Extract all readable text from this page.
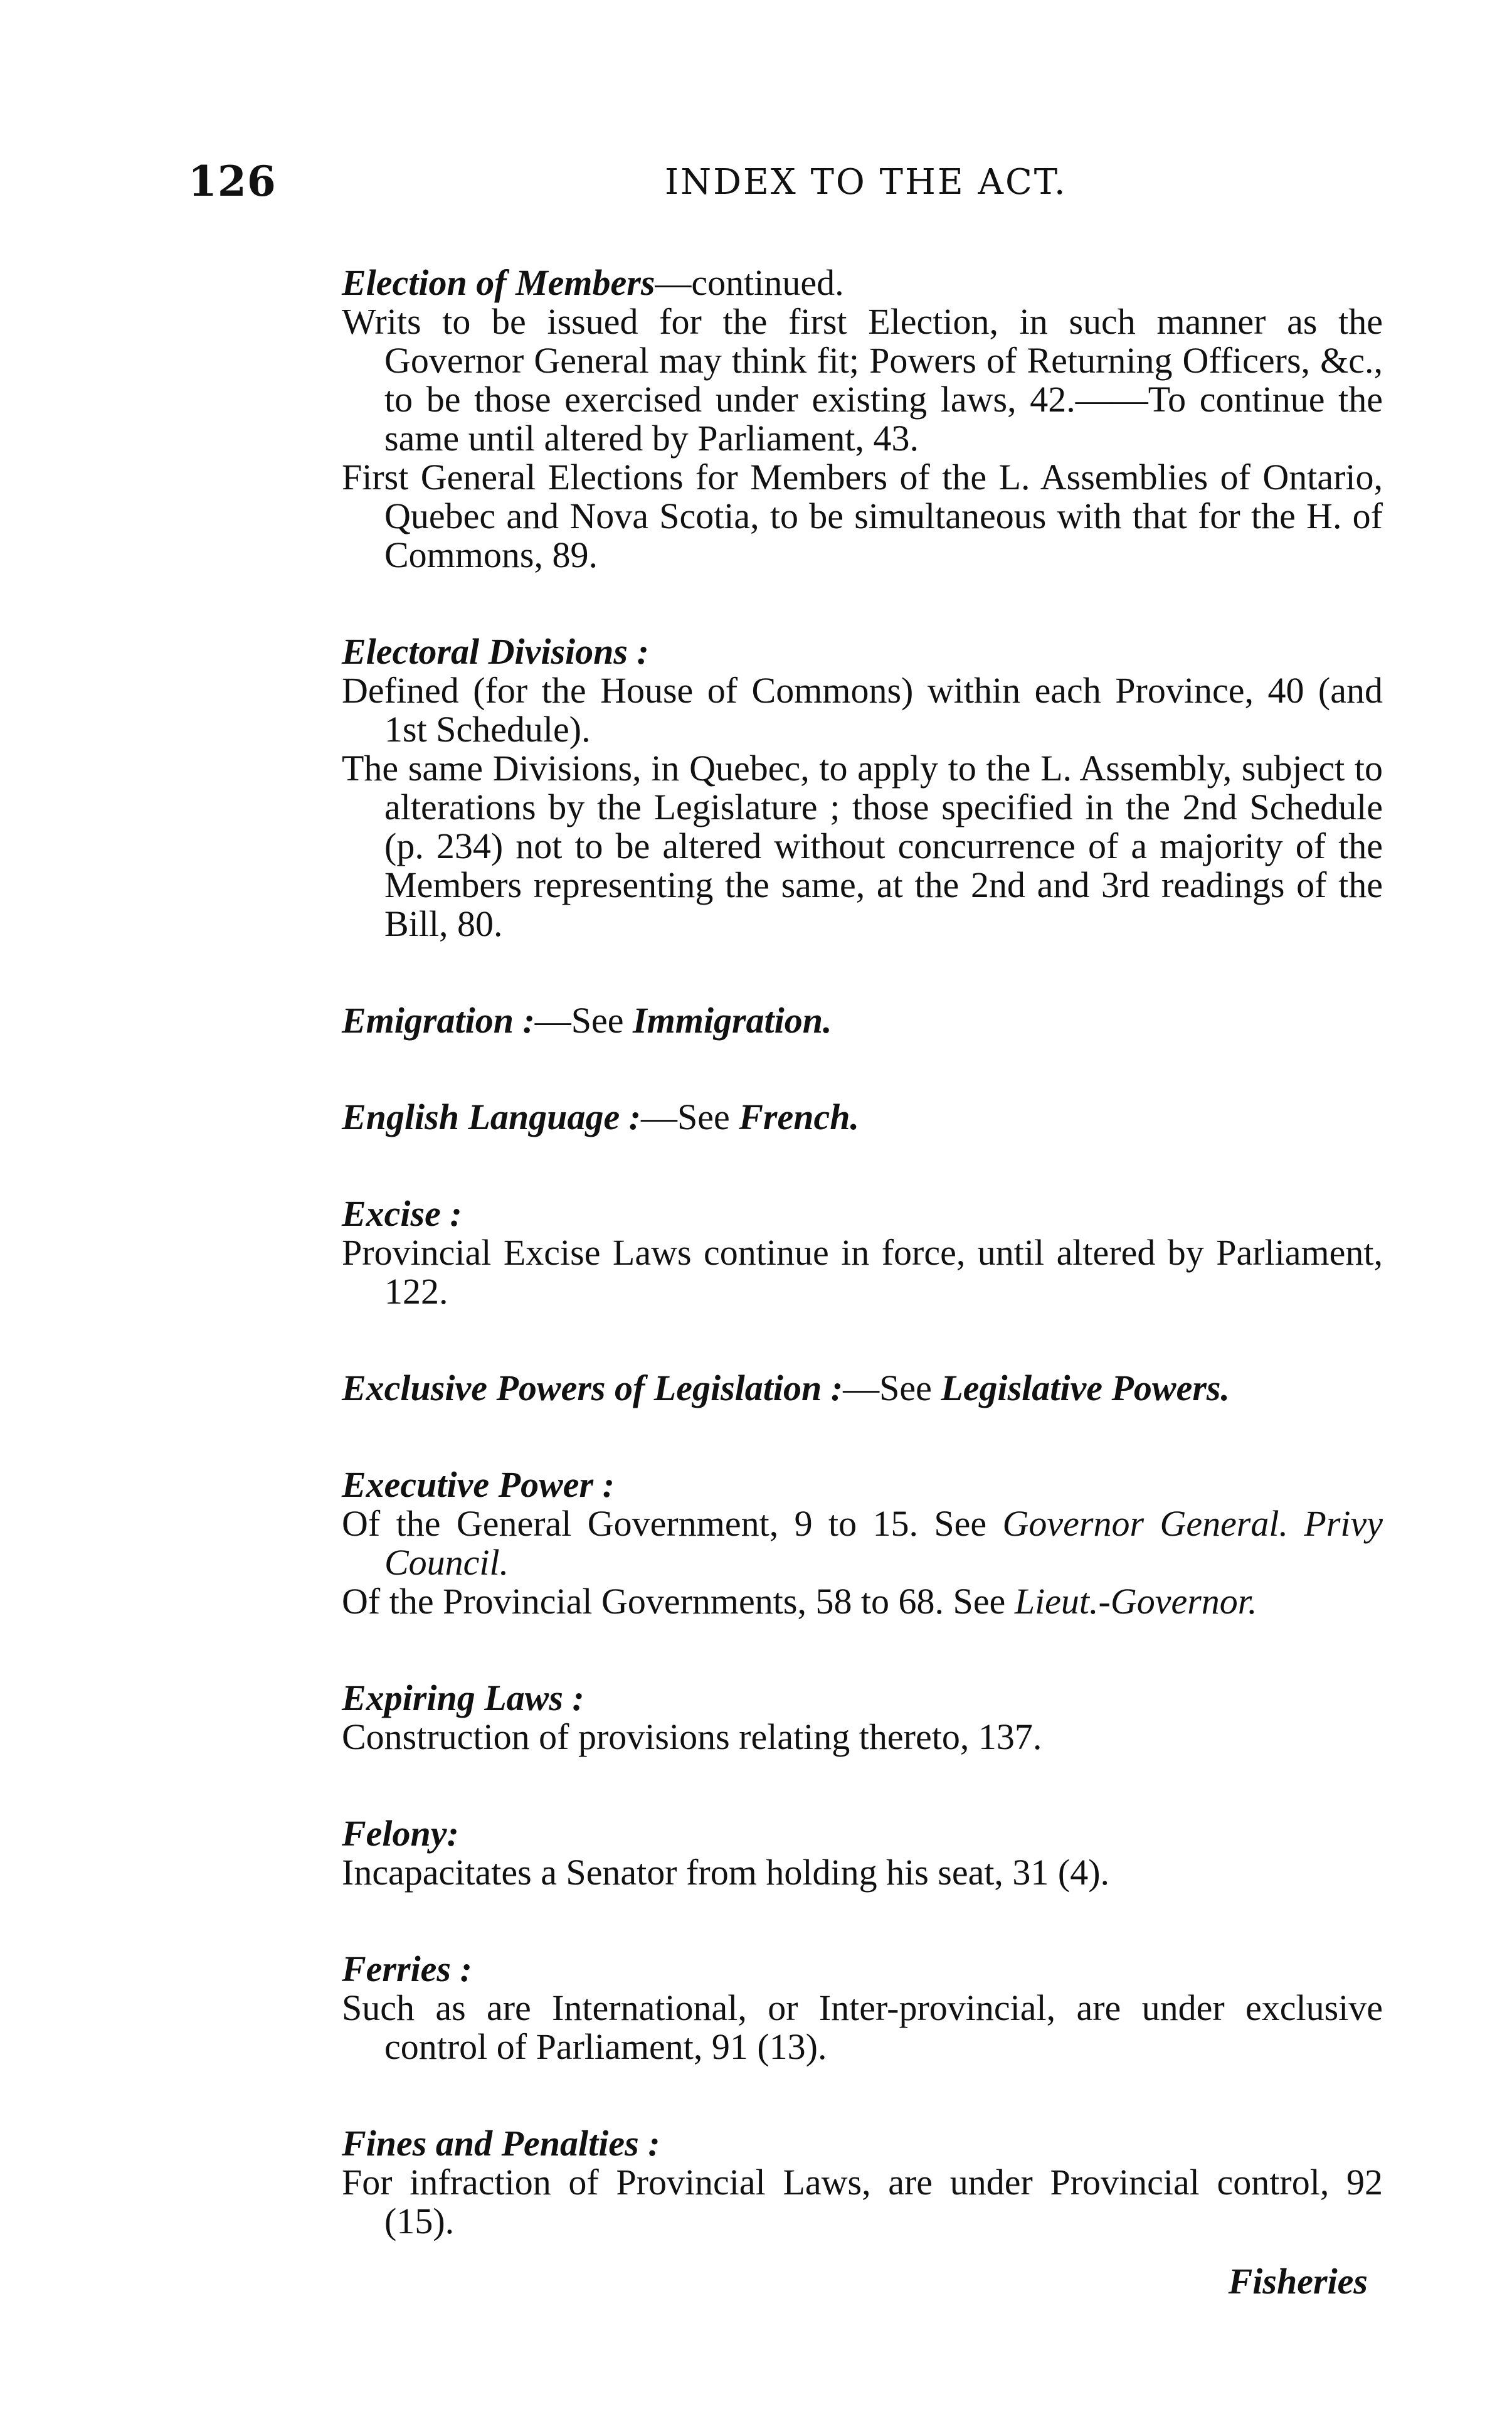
126	INDEX TO THE ACT.

Election of Members—continued.

Writs to be issued for the first Election, in such manner as the Governor General may think fit; Powers of Returning Officers, &c., to be those exercised under existing laws, 42.——To continue the same until altered by Parliament, 43.

First General Elections for Members of the L. Assemblies of Ontario, Quebec and Nova Scotia, to be simultaneous with that for the H. of Commons, 89.

Electoral Divisions :

Defined (for the House of Commons) within each Province, 40 (and 1st Schedule).

The same Divisions, in Quebec, to apply to the L. Assembly, subject to alterations by the Legislature ; those specified in the 2nd Schedule (p. 234) not to be altered without concurrence of a majority of the Members representing the same, at the 2nd and 3rd readings of the Bill, 80.

Emigration :—See Immigration.

English Language :—See French.

Excise :

Provincial Excise Laws continue in force, until altered by Parliament, 122.

Exclusive Powers of Legislation :—See Legislative Powers.

Executive Power :

Of the General Government, 9 to 15. See Governor General. Privy Council.

Of the Provincial Governments, 58 to 68. See Lieut.-Governor.

Expiring Laws :

Construction of provisions relating thereto, 137.

Felony:

Incapacitates a Senator from holding his seat, 31 (4).

Ferries :

Such as are International, or Inter-provincial, are under exclusive control of Parliament, 91 (13).

Fines and Penalties :

For infraction of Provincial Laws, are under Provincial control, 92 (15).

Fisheries
